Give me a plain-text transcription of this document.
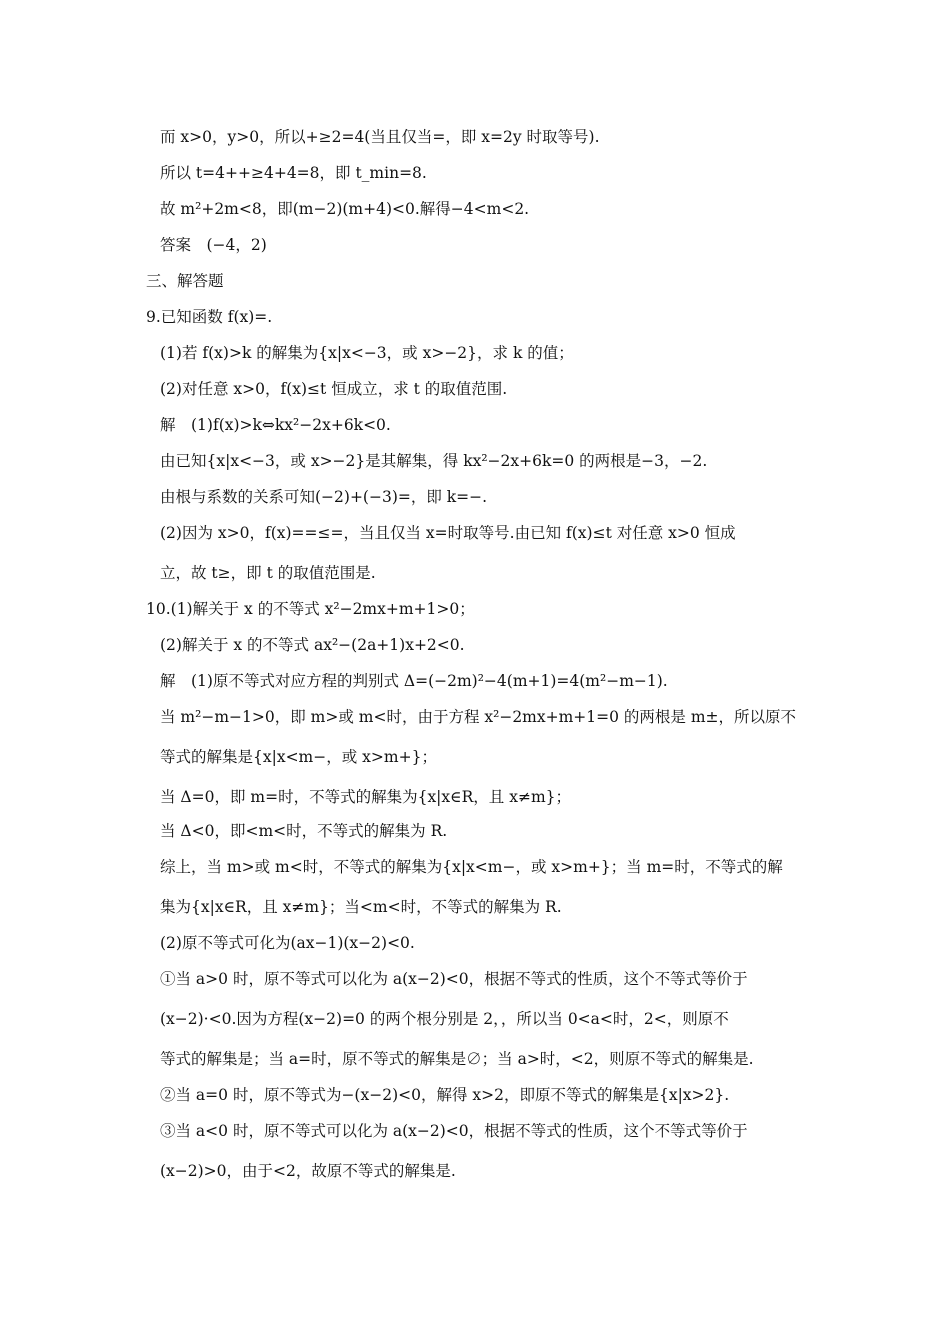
而 x>0，y>0，所以+≥2=4(当且仅当=，即 x=2y 时取等号).
所以 t=4++≥4+4=8，即 t_min=8.
故 m²+2m<8，即(m−2)(m+4)<0.解得−4<m<2.
答案　(−4，2)
三、解答题
9.已知函数 f(x)=.
(1)若 f(x)>k 的解集为{x|x<−3，或 x>−2}，求 k 的值；
(2)对任意 x>0，f(x)≤t 恒成立，求 t 的取值范围.
解　(1)f(x)>k⇔kx²−2x+6k<0.
由已知{x|x<−3，或 x>−2}是其解集，得 kx²−2x+6k=0 的两根是−3，−2.
由根与系数的关系可知(−2)+(−3)=，即 k=−.
(2)因为 x>0，f(x)==≤=，当且仅当 x=时取等号.由已知 f(x)≤t 对任意 x>0 恒成
立，故 t≥，即 t 的取值范围是.
10.(1)解关于 x 的不等式 x²−2mx+m+1>0；
(2)解关于 x 的不等式 ax²−(2a+1)x+2<0.
解　(1)原不等式对应方程的判别式 Δ=(−2m)²−4(m+1)=4(m²−m−1).
当 m²−m−1>0，即 m>或 m<时，由于方程 x²−2mx+m+1=0 的两根是 m±，所以原不
等式的解集是{x|x<m−，或 x>m+}；
当 Δ=0，即 m=时，不等式的解集为{x|x∈R，且 x≠m}；
当 Δ<0，即<m<时，不等式的解集为 R.
综上，当 m>或 m<时，不等式的解集为{x|x<m−，或 x>m+}；当 m=时，不等式的解
集为{x|x∈R，且 x≠m}；当<m<时，不等式的解集为 R.
(2)原不等式可化为(ax−1)(x−2)<0.
①当 a>0 时，原不等式可以化为 a(x−2)<0，根据不等式的性质，这个不等式等价于
(x−2)·<0.因为方程(x−2)=0 的两个根分别是 2，，所以当 0<a<时，2<，则原不
等式的解集是；当 a=时，原不等式的解集是∅；当 a>时，<2，则原不等式的解集是.
②当 a=0 时，原不等式为−(x−2)<0，解得 x>2，即原不等式的解集是{x|x>2}.
③当 a<0 时，原不等式可以化为 a(x−2)<0，根据不等式的性质，这个不等式等价于
(x−2)>0，由于<2，故原不等式的解集是.
